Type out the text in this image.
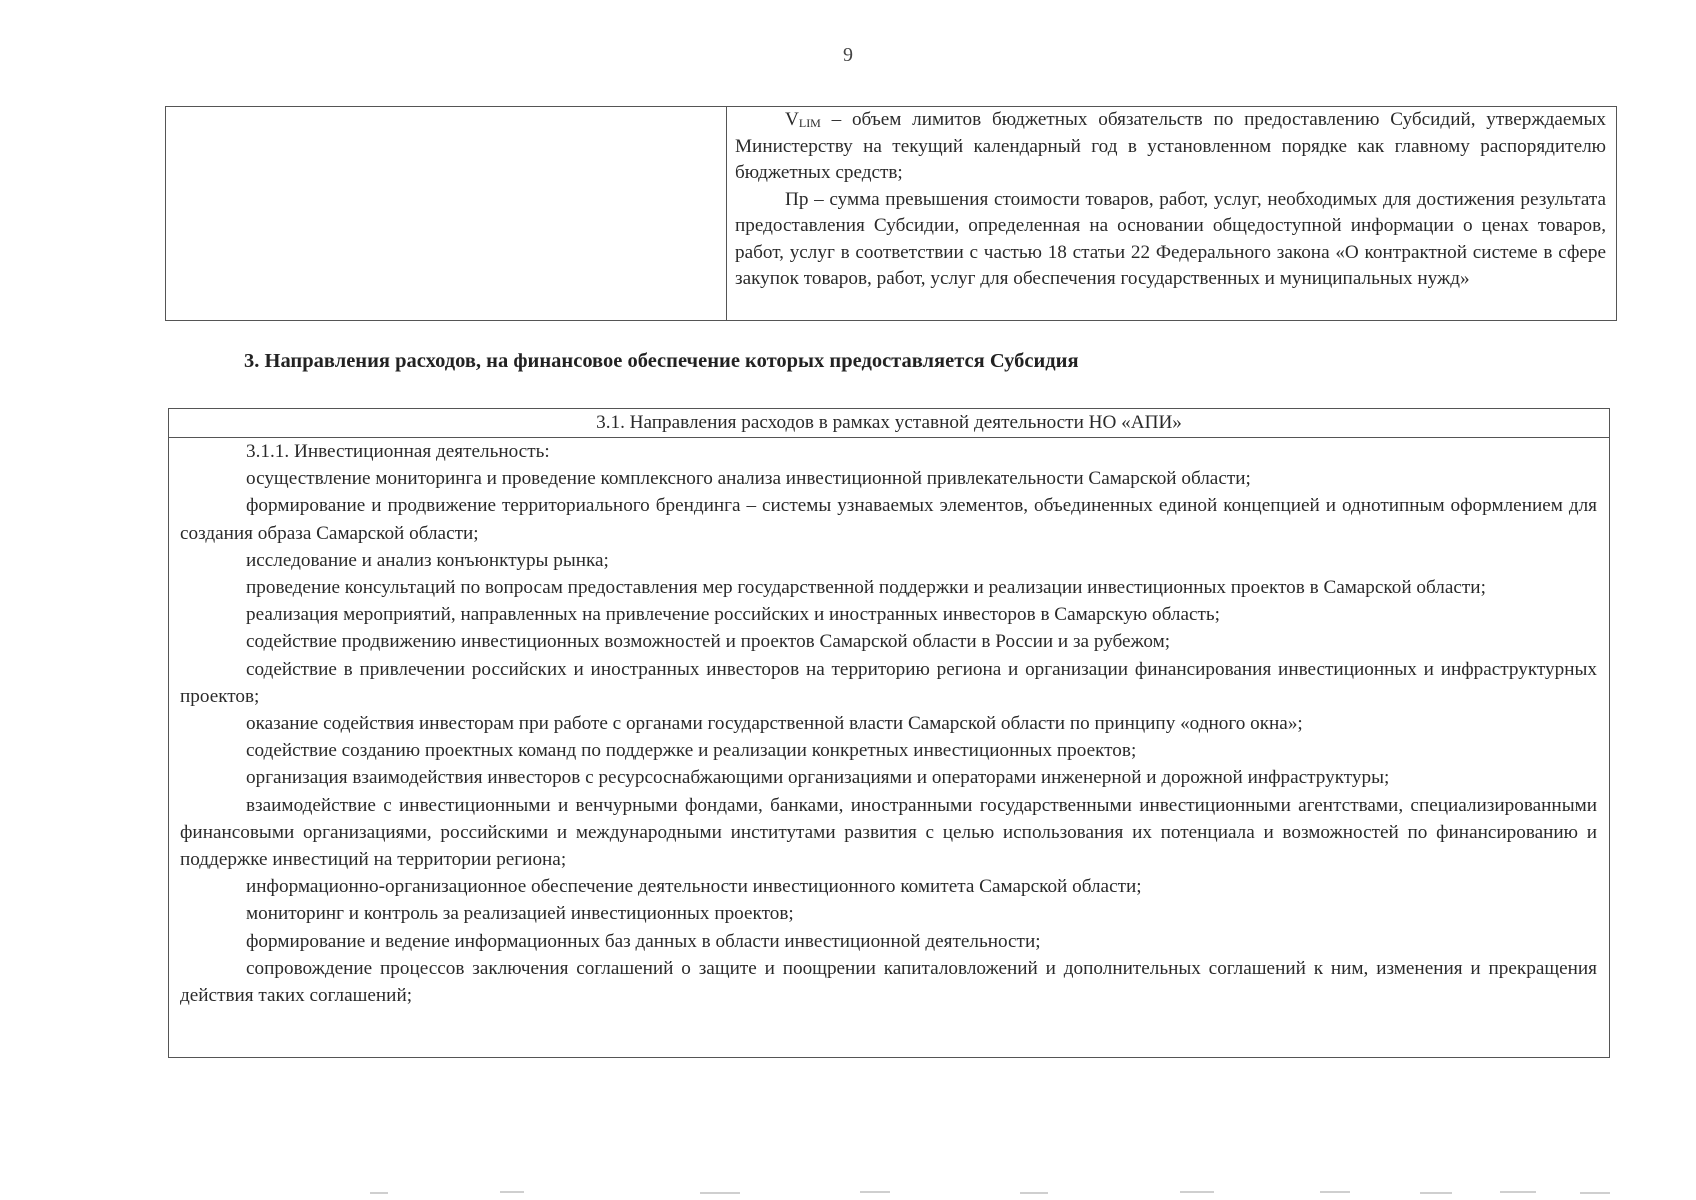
9

$V_{LIM}$ – объем лимитов бюджетных обязательств по предоставлению Субсидий, утверждаемых Министерству на текущий календарный год в установленном порядке как главному распорядителю бюджетных средств;

Пр – сумма превышения стоимости товаров, работ, услуг, необходимых для достижения результата предоставления Субсидии, определенная на основании общедоступной информации о ценах товаров, работ, услуг в соответствии с частью 18 статьи 22 Федерального закона «О контрактной системе в сфере закупок товаров, работ, услуг для обеспечения государственных и муниципальных нужд»

3. Направления расходов, на финансовое обеспечение которых предоставляется Субсидия
3.1. Направления расходов в рамках уставной деятельности НО «АПИ»

3.1.1. Инвестиционная деятельность:

осуществление мониторинга и проведение комплексного анализа инвестиционной привлекательности Самарской области;

формирование и продвижение территориального брендинга – системы узнаваемых элементов, объединенных единой концепцией и однотипным оформлением для создания образа Самарской области;

исследование и анализ конъюнктуры рынка;

проведение консультаций по вопросам предоставления мер государственной поддержки и реализации инвестиционных проектов в Самарской области;

реализация мероприятий, направленных на привлечение российских и иностранных инвесторов в Самарскую область;

содействие продвижению инвестиционных возможностей и проектов Самарской области в России и за рубежом;

содействие в привлечении российских и иностранных инвесторов на территорию региона и организации финансирования инвестиционных и инфраструктурных проектов;

оказание содействия инвесторам при работе с органами государственной власти Самарской области по принципу «одного окна»;

содействие созданию проектных команд по поддержке и реализации конкретных инвестиционных проектов;

организация взаимодействия инвесторов с ресурсоснабжающими организациями и операторами инженерной и дорожной инфраструктуры;

взаимодействие с инвестиционными и венчурными фондами, банками, иностранными государственными инвестиционными агентствами, специализированными финансовыми организациями, российскими и международными институтами развития с целью использования их потенциала и возможностей по финансированию и поддержке инвестиций на территории региона;

информационно-организационное обеспечение деятельности инвестиционного комитета Самарской области;

мониторинг и контроль за реализацией инвестиционных проектов;

формирование и ведение информационных баз данных в области инвестиционной деятельности;

сопровождение процессов заключения соглашений о защите и поощрении капиталовложений и дополнительных соглашений к ним, изменения и прекращения действия таких соглашений;
